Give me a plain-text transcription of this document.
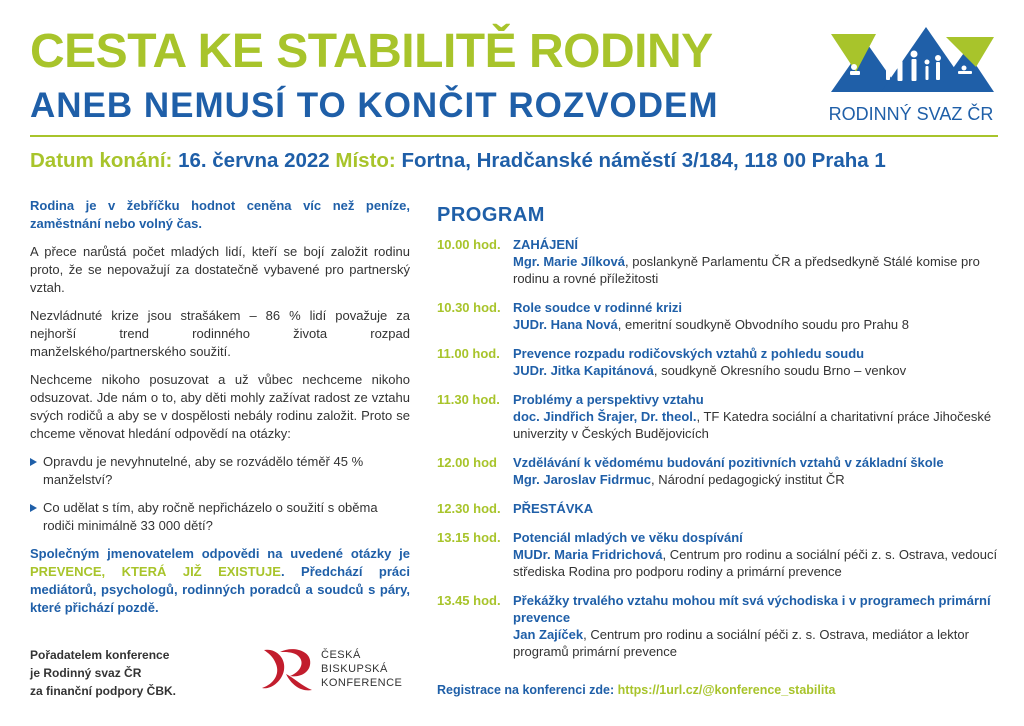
CESTA KE STABILITĚ RODINY
ANEB NEMUSÍ TO KONČIT ROZVODEM	RODINNÝ SVAZ ČR
Datum konání: 16. června 2022 Místo: Fortna, Hradčanské náměstí 3/184, 118 00 Praha 1

Rodina je v žebříčku hodnot ceněna víc než peníze, zaměstnání nebo volný čas.

A přece narůstá počet mladých lidí, kteří se bojí založit rodinu proto, že se nepovažují za dostatečně vybavené pro partnerský vztah.

Nezvládnuté krize jsou strašákem – 86 % lidí považuje za nejhorší trend rodinného života rozpad manželského/partnerského soužití.

Nechceme nikoho posuzovat a už vůbec nechceme nikoho odsuzovat. Jde nám o to, aby děti mohly zažívat radost ze vztahu svých rodičů a aby se v dospělosti nebály rodinu založit. Proto se chceme věnovat hledání odpovědí na otázky:

Opravdu je nevyhnutelné, aby se rozvádělo téměř 45 % manželství?
Co udělat s tím, aby ročně nepřicházelo o soužití s oběma rodiči minimálně 33 000 dětí?

Společným jmenovatelem odpovědi na uvedené otázky je PREVENCE, KTERÁ JIŽ EXISTUJE. Předchází práci mediátorů, psychologů, rodinných poradců a soudců s páry, které přichází pozdě.

Pořadatelem konference
je Rodinný svaz ČR
za finanční podpory ČBK.
ČESKÁ
BISKUPSKÁ
KONFERENCE
PROGRAM
10.00 hod. ZAHÁJENÍ
Mgr. Marie Jílková, poslankyně Parlamentu ČR a předsedkyně Stálé komise pro rodinu a rovné příležitosti
10.30 hod. Role soudce v rodinné krizi
JUDr. Hana Nová, emeritní soudkyně Obvodního soudu pro Prahu 8
11.00 hod. Prevence rozpadu rodičovských vztahů z pohledu soudu
JUDr. Jitka Kapitánová, soudkyně Okresního soudu Brno – venkov
11.30 hod. Problémy a perspektivy vztahu
doc. Jindřich Šrajer, Dr. theol., TF Katedra sociální a charitativní práce Jihočeské univerzity v Českých Budějovicích
12.00 hod Vzdělávání k vědomému budování pozitivních vztahů v základní škole
Mgr. Jaroslav Fidrmuc, Národní pedagogický institut ČR
12.30 hod. PŘESTÁVKA
13.15 hod. Potenciál mladých ve věku dospívání
MUDr. Maria Fridrichová, Centrum pro rodinu a sociální péči z. s. Ostrava, vedoucí střediska Rodina pro podporu rodiny a primární prevence
13.45 hod. Překážky trvalého vztahu mohou mít svá východiska i v programech primární prevence
Jan Zajíček, Centrum pro rodinu a sociální péči z. s. Ostrava, mediátor a lektor programů primární prevence
Registrace na konferenci zde: https://1url.cz/@konference_stabilita
